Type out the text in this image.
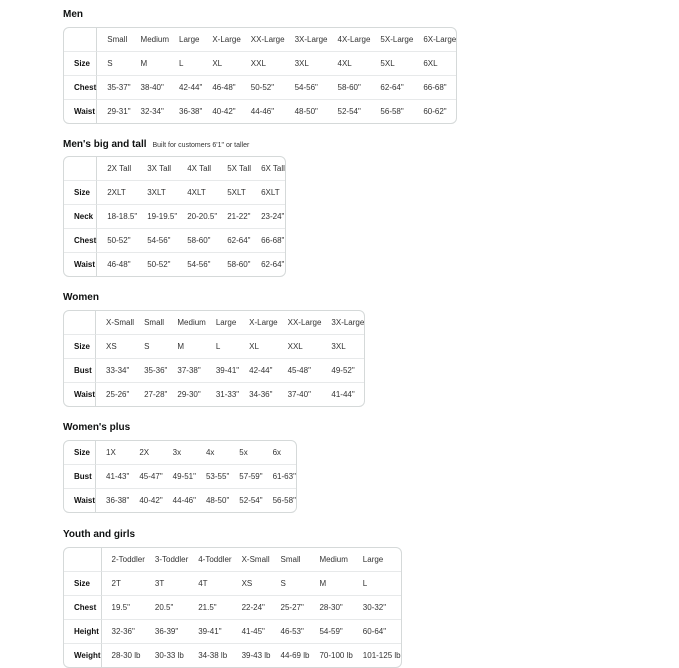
Men
	Small	Medium	Large	X-Large	XX-Large	3X-Large	4X-Large	5X-Large	6X-Large
Size	S	M	L	XL	XXL	3XL	4XL	5XL	6XL
Chest	35-37"	38-40"	42-44"	46-48"	50-52"	54-56"	58-60"	62-64"	66-68"
Waist	29-31"	32-34"	36-38"	40-42"	44-46"	48-50"	52-54"	56-58"	60-62"
Men's big and tall Built for customers 6'1" or taller
	2X Tall	3X Tall	4X Tall	5X Tall	6X Tall
Size	2XLT	3XLT	4XLT	5XLT	6XLT
Neck	18-18.5"	19-19.5"	20-20.5"	21-22"	23-24"
Chest	50-52"	54-56"	58-60"	62-64"	66-68"
Waist	46-48"	50-52"	54-56"	58-60"	62-64"
Women
	X-Small	Small	Medium	Large	X-Large	XX-Large	3X-Large
Size	XS	S	M	L	XL	XXL	3XL
Bust	33-34"	35-36"	37-38"	39-41"	42-44"	45-48"	49-52"
Waist	25-26"	27-28"	29-30"	31-33"	34-36"	37-40"	41-44"
Women's plus
Size	1X	2X	3x	4x	5x	6x
Bust	41-43"	45-47"	49-51"	53-55"	57-59"	61-63"
Waist	36-38"	40-42"	44-46"	48-50"	52-54"	56-58"
Youth and girls
	2-Toddler	3-Toddler	4-Toddler	X-Small	Small	Medium	Large
Size	2T	3T	4T	XS	S	M	L
Chest	19.5"	20.5"	21.5"	22-24"	25-27"	28-30"	30-32"
Height	32-36"	36-39"	39-41"	41-45"	46-53"	54-59"	60-64"
Weight	28-30 lb	30-33 lb	34-38 lb	39-43 lb	44-69 lb	70-100 lb	101-125 lb
